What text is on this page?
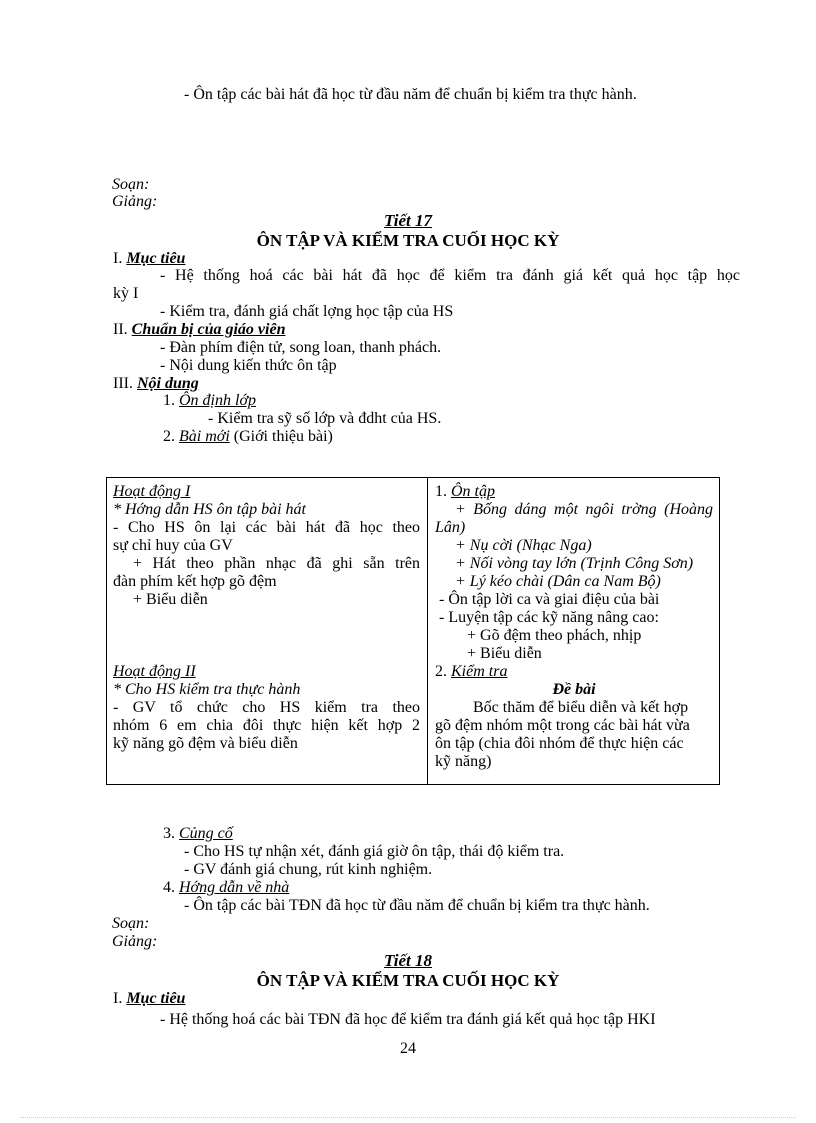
- Ôn tập các bài hát đã học từ đầu năm để chuẩn bị kiểm tra thực hành.
Soạn:
Giảng:
Tiết 17
ÔN TẬP VÀ KIỂM TRA CUỐI HỌC KỲ
I. Mục tiêu
- Hệ thống hoá các bài hát đã học để kiểm tra đánh giá kết quả học tập học
kỳ I
- Kiểm tra, đánh giá chất lợng học tập của HS
II. Chuẩn bị của giáo viên
- Đàn phím điện tử, song loan, thanh phách.
- Nội dung kiến thức ôn tập
III. Nội dung
1. Ôn định lớp
- Kiểm tra sỹ số lớp và đdht của HS.
2. Bài mới (Giới thiệu bài)
Hoạt động I
* Hớng dẫn HS ôn tập bài hát
- Cho HS ôn lại các bài hát đã học theo
sự chỉ huy của GV
+ Hát theo phần nhạc đã ghi sẵn trên
đàn phím kết hợp gõ đệm
+ Biểu diễn
Hoạt động II
* Cho HS kiểm tra thực hành
- GV tổ chức cho HS kiểm tra theo
nhóm 6 em chia đôi thực hiện kết hợp 2
kỹ năng gõ đệm và biểu diễn
1. Ôn tập
+ Bống dáng một ngôi trờng (Hoàng
Lân)
+ Nụ cời (Nhạc Nga)
+ Nối vòng tay lớn (Trịnh Công Sơn)
+ Lý kéo chài (Dân ca Nam Bộ)
- Ôn tập lời ca và giai điệu của bài
- Luyện tập các kỹ năng nâng cao:
+ Gõ đệm theo phách, nhịp
+ Biểu diễn
2. Kiểm tra
Đề bài
Bốc thăm để biểu diễn và kết hợp
gõ đệm nhóm một trong các bài hát vừa
ôn tập (chia đôi nhóm để thực hiện các
kỹ năng)
3. Củng cố
- Cho HS tự nhận xét, đánh giá giờ ôn tập, thái độ kiểm tra.
- GV đánh giá chung, rút kinh nghiệm.
4. Hớng dẫn về nhà
- Ôn tập các bài TĐN đã học từ đầu năm để chuẩn bị kiểm tra thực hành.
Soạn:
Giảng:
Tiết 18
ÔN TẬP VÀ KIỂM TRA CUỐI HỌC KỲ
I. Mục tiêu
- Hệ thống hoá các bài TĐN đã học để kiểm tra đánh giá kết quả học tập HKI
24
